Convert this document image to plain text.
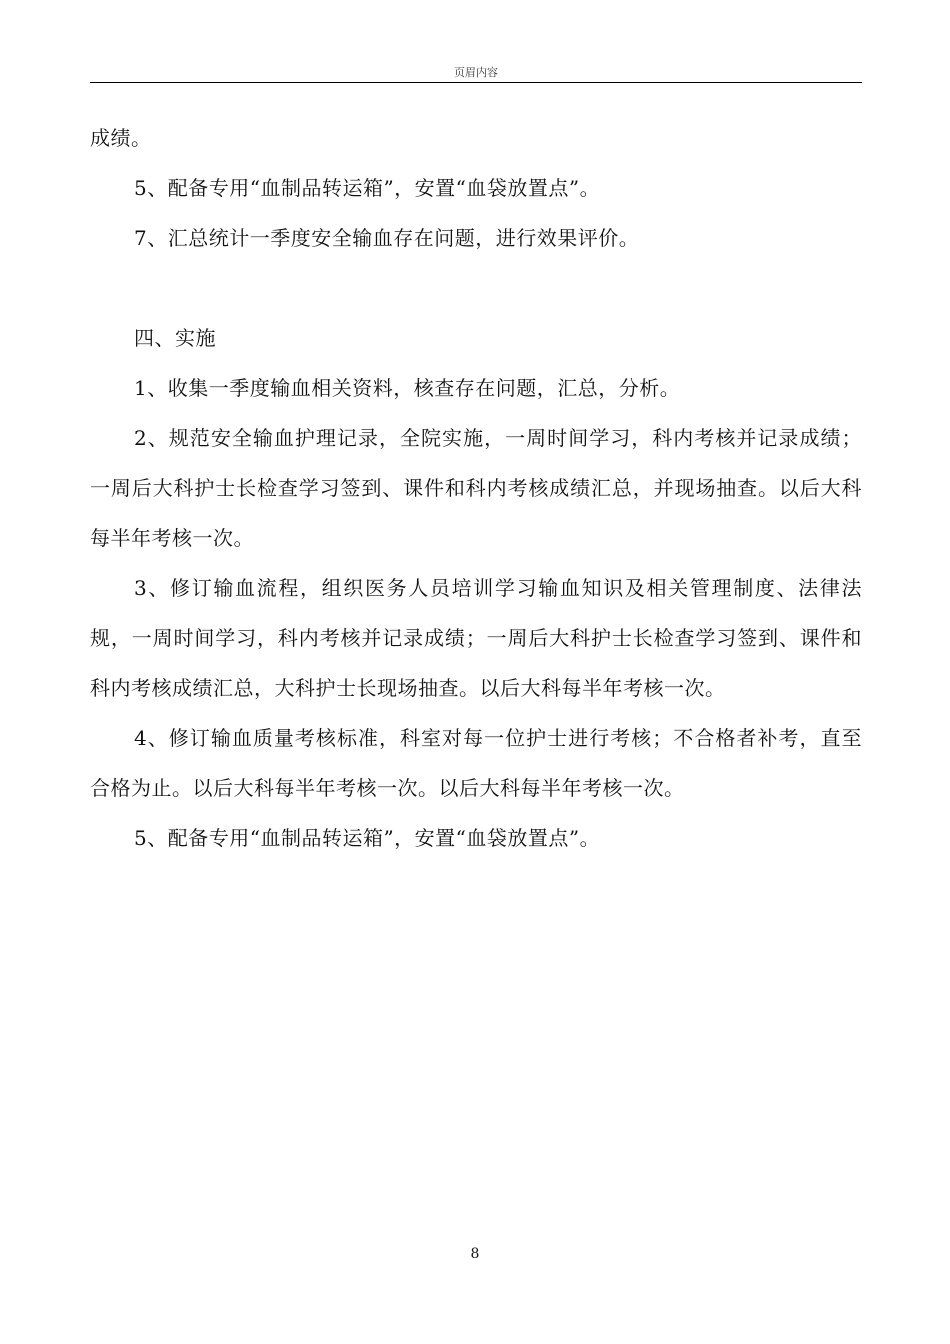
页眉内容

成绩。

5、配备专用“血制品转运箱”，安置“血袋放置点”。

7、汇总统计一季度安全输血存在问题，进行效果评价。

四、实施

1、收集一季度输血相关资料，核查存在问题，汇总，分析。

2、规范安全输血护理记录，全院实施，一周时间学习，科内考核并记录成绩；一周后大科护士长检查学习签到、课件和科内考核成绩汇总，并现场抽查。以后大科每半年考核一次。

3、修订输血流程，组织医务人员培训学习输血知识及相关管理制度、法律法规，一周时间学习，科内考核并记录成绩；一周后大科护士长检查学习签到、课件和科内考核成绩汇总，大科护士长现场抽查。以后大科每半年考核一次。

4、修订输血质量考核标准，科室对每一位护士进行考核；不合格者补考，直至合格为止。以后大科每半年考核一次。以后大科每半年考核一次。

5、配备专用“血制品转运箱”，安置“血袋放置点”。

8
